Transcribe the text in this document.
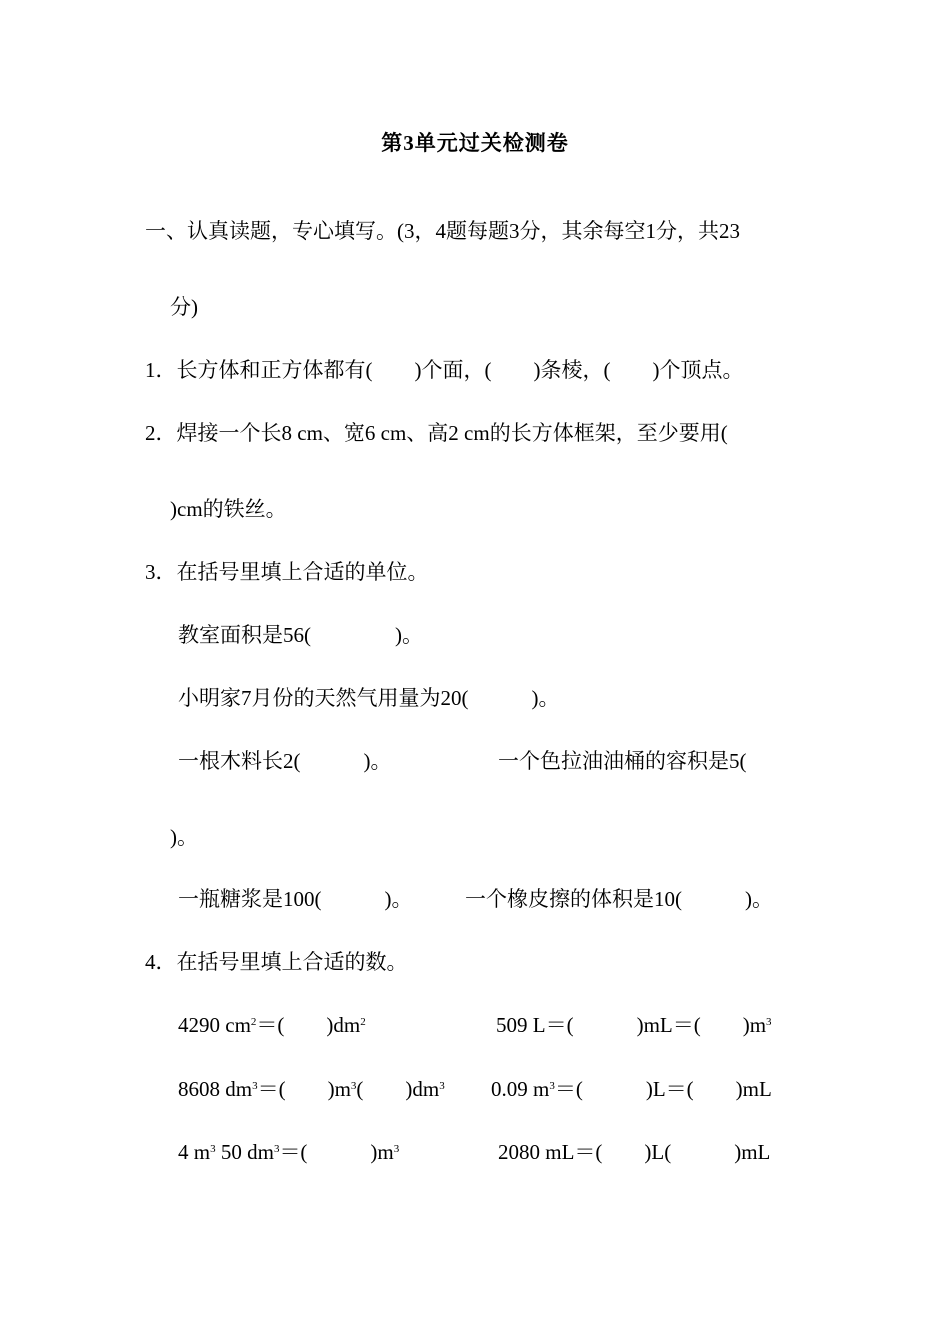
第3单元过关检测卷
一、认真读题，专心填写。(3，4题每题3分，其余每空1分，共23
分)
1．长方体和正方体都有(　　)个面，(　　)条棱，(　　)个顶点。
2．焊接一个长8 cm、宽6 cm、高2 cm的长方体框架，至少要用(
)cm的铁丝。
3．在括号里填上合适的单位。
教室面积是56(　　　　)。
小明家7月份的天然气用量为20(　　　)。
一根木料长2(　　　)。	一个色拉油油桶的容积是5(
)。
一瓶糖浆是100(　　　)。	一个橡皮擦的体积是10(　　　)。
4．在括号里填上合适的数。
4290 $cm^2=$(　　)$dm^2$	509 L＝(　　　)mL＝(　　)$m^3$
8608 $dm^3=$(　　)$m^3$(　　)$dm^3$ 0.09 $m^3=$(　　　)L＝(　　)mL
4 $m^3$ 50 $dm^3=$(　　　)$m^3$	2080 mL＝(　　)L(　　　)mL
